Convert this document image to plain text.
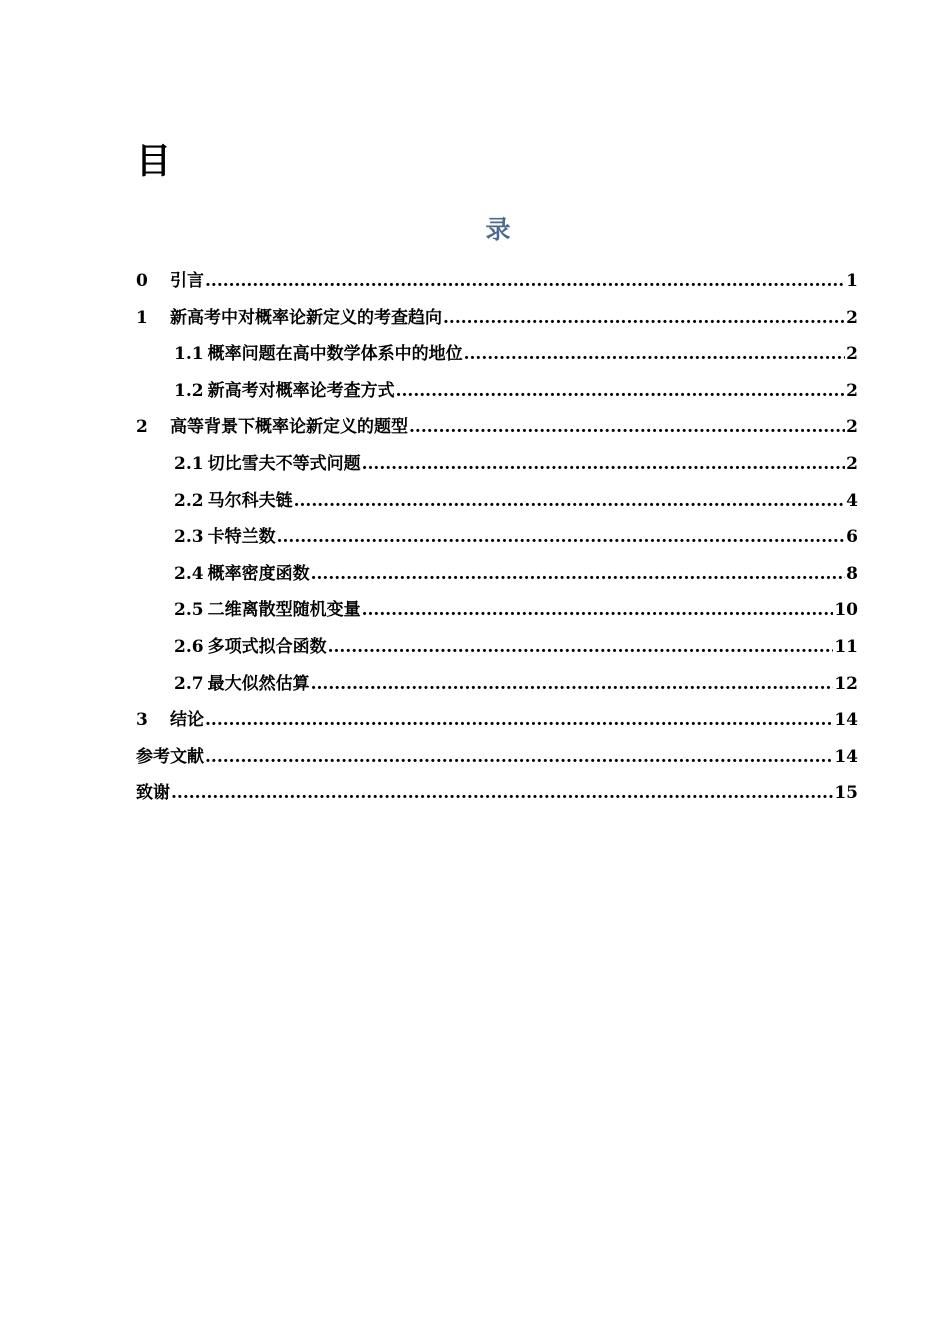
目
录
0	引言 .....	1
1	新高考中对概率论新定义的考查趋向 .....	2
1.1 概率问题在高中数学体系中的地位 .....	2
1.2 新高考对概率论考查方式 .....	2
2	高等背景下概率论新定义的题型 .....	2
2.1 切比雪夫不等式问题 .....	2
2.2 马尔科夫链 .....	4
2.3 卡特兰数 .....	6
2.4 概率密度函数 .....	8
2.5 二维离散型随机变量 .....	10
2.6 多项式拟合函数 .....	11
2.7 最大似然估算 .....	12
3	结论 .....	14
参考文献 .....	14
致谢 .....	15
